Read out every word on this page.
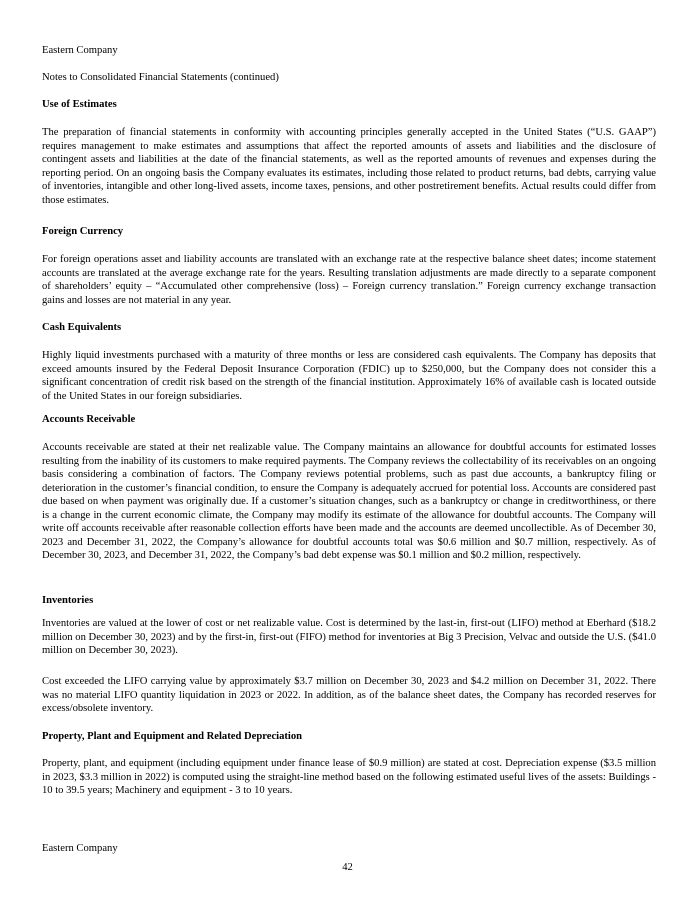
Eastern Company

Notes to Consolidated Financial Statements (continued)

Use of Estimates

The preparation of financial statements in conformity with accounting principles generally accepted in the United States (“U.S. GAAP”) requires management to make estimates and assumptions that affect the reported amounts of assets and liabilities and the disclosure of contingent assets and liabilities at the date of the financial statements, as well as the reported amounts of revenues and expenses during the reporting period. On an ongoing basis the Company evaluates its estimates, including those related to product returns, bad debts, carrying value of inventories, intangible and other long-lived assets, income taxes, pensions, and other postretirement benefits. Actual results could differ from those estimates.

Foreign Currency

For foreign operations asset and liability accounts are translated with an exchange rate at the respective balance sheet dates; income statement accounts are translated at the average exchange rate for the years. Resulting translation adjustments are made directly to a separate component of shareholders’ equity – “Accumulated other comprehensive (loss) – Foreign currency translation.” Foreign currency exchange transaction gains and losses are not material in any year.

Cash Equivalents

Highly liquid investments purchased with a maturity of three months or less are considered cash equivalents. The Company has deposits that exceed amounts insured by the Federal Deposit Insurance Corporation (FDIC) up to $250,000, but the Company does not consider this a significant concentration of credit risk based on the strength of the financial institution. Approximately 16% of available cash is located outside of the United States in our foreign subsidiaries.

Accounts Receivable

Accounts receivable are stated at their net realizable value. The Company maintains an allowance for doubtful accounts for estimated losses resulting from the inability of its customers to make required payments. The Company reviews the collectability of its receivables on an ongoing basis considering a combination of factors. The Company reviews potential problems, such as past due accounts, a bankruptcy filing or deterioration in the customer’s financial condition, to ensure the Company is adequately accrued for potential loss. Accounts are considered past due based on when payment was originally due. If a customer’s situation changes, such as a bankruptcy or change in creditworthiness, or there is a change in the current economic climate, the Company may modify its estimate of the allowance for doubtful accounts. The Company will write off accounts receivable after reasonable collection efforts have been made and the accounts are deemed uncollectible. As of December 30, 2023 and December 31, 2022, the Company’s allowance for doubtful accounts total was $0.6 million and $0.7 million, respectively. As of December 30, 2023, and December 31, 2022, the Company’s bad debt expense was $0.1 million and $0.2 million, respectively.

Inventories

Inventories are valued at the lower of cost or net realizable value. Cost is determined by the last-in, first-out (LIFO) method at Eberhard ($18.2 million on December 30, 2023) and by the first-in, first-out (FIFO) method for inventories at Big 3 Precision, Velvac and outside the U.S. ($41.0 million on December 30, 2023).

Cost exceeded the LIFO carrying value by approximately $3.7 million on December 30, 2023 and $4.2 million on December 31, 2022. There was no material LIFO quantity liquidation in 2023 or 2022. In addition, as of the balance sheet dates, the Company has recorded reserves for excess/obsolete inventory.

Property, Plant and Equipment and Related Depreciation

Property, plant, and equipment (including equipment under finance lease of $0.9 million) are stated at cost. Depreciation expense ($3.5 million in 2023, $3.3 million in 2022) is computed using the straight-line method based on the following estimated useful lives of the assets: Buildings - 10 to 39.5 years; Machinery and equipment - 3 to 10 years.

Eastern Company

42
